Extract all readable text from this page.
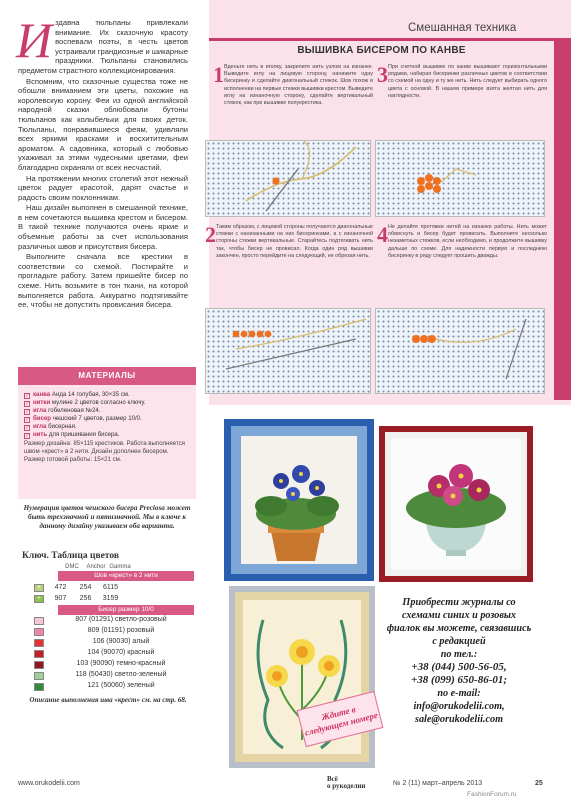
Издавна тюльпаны привлекали внимание. Их сказочную красоту воспевали поэты, в честь цветов устраивали грандиозные и шикарные праздники. Тюльпаны становились предметом страстного коллекционирования.

Вспомним, что сказочные существа тоже не обошли вниманием эти цветы, похожие на королевскую корону. Феи из одной английской народной сказки облюбовали бутоны тюльпанов как колыбельки для своих деток. Тюльпаны, понравившиеся феям, удивляли всех яркими красками и восхитительным ароматом. А садовника, который с любовью ухаживал за этими чудесными цветами, феи благодарно охраняли от всех несчастий.

На протяжении многих столетий этот нежный цветок радует красотой, дарят счастье и радость своим поклонникам.

Наш дизайн выполнен в смешанной технике, в нем сочетаются вышивка крестом и бисером. В такой технике получаются очень яркие и объемные работы за счет использования различных швов и присутствия бисера.

Выполните сначала все крестики в соответствии со схемой. Постирайте и прогладьте работу. Затем пришейте бисер по схеме. Нить возьмите в тон ткани, на которой выполняется работа. Аккуратно подтягивайте ее, чтобы не допустить провисания бисера.

МАТЕРИАЛЫ
✓ канва Аида 14 голубая, 30×35 см.
✓ нитки мулине 2 цветов согласно ключу.
✓ игла гобеленовая №24.
✓ бисер чешский 7 цветов, размер 10/0.
✓ игла бисерная.
✓ нить для пришивания бисера.
Размер дизайна: 85×115 крестиков. Работа выполняется швом «крест» в 2 нити. Дизайн дополнен бисером. Размер готовой работы: 15×21 см.
Нумерация цветов чешского бисера Preciosa может быть трехзначной и пятизначной. Мы в ключе к данному дизайну указываем оба варианта.
Ключ. Таблица цветов
DMC	Anchor Gamma
Шов «крест» в 2 нити
×	472	254	6115
+	907	256	3159
Бисер размер 10/0
807 (01291) светло-розовый
809 (01191) розовый
106 (90030) алый
104 (90070) красный
103 (90090) темно-красный
118 (50430) светло-зеленый
121 (50060) зеленый
Описание выполнения шва «крест» см. на стр. 68.
Смешанная техника
ВЫШИВКА БИСЕРОМ ПО КАНВЕ
1 Вденьте нить в иголку, закрепите нить узлом на изнанке. Выведите иглу на лицевую сторону, нанижите одну бисеринку и сделайте диагональный стежок. Шов похож в исполнении на первые стежки вышивки крестом. Выведите иглу на изнаночную сторону, сделайте вертикальный стежок, как при вышивке полукрестика.
3 При счетной вышивке по канве вышивают горизонтальными рядами, набирая бисеринки различных цветов в соответствии со схемой на одну и ту же нить. Нить следует выбирать одного цвета с основой. В нашем примере взята желтая нить для наглядности.
2 Таким образом, с лицевой стороны получаются диагональные стежки с нанизанными на них бисеринками, а с изнаночной стороны стежки вертикальные. Старайтесь подтягивать нить так, чтобы бисер не провисал. Когда один ряд вышивки закончен, просто перейдите на следующий, не обрезая нить.
4 Не делайте протяжки нитей на изнанке работы. Нить может обвиснуть и бисер будет провисать. Выполните несколько незаметных стежков, если необходимо, и продолжите вышивку дальше по схеме. Для надежности первую и последнюю бисеринку в ряду следует прошить дважды.
Ждите в следующем номере
Приобрести журналы со схемами синих и розовых фиалок вы можете, связавшись с редакцией
по тел.:
+38 (044) 500-56-05,
+38 (099) 650-86-01;
по e-mail:
info@orukodelii.com,
sale@orukodelii.com
www.orukodelii.com
Всё
о рукоделии	№ 2 (11) март–апрель 2013	25
FashionForum.ru
